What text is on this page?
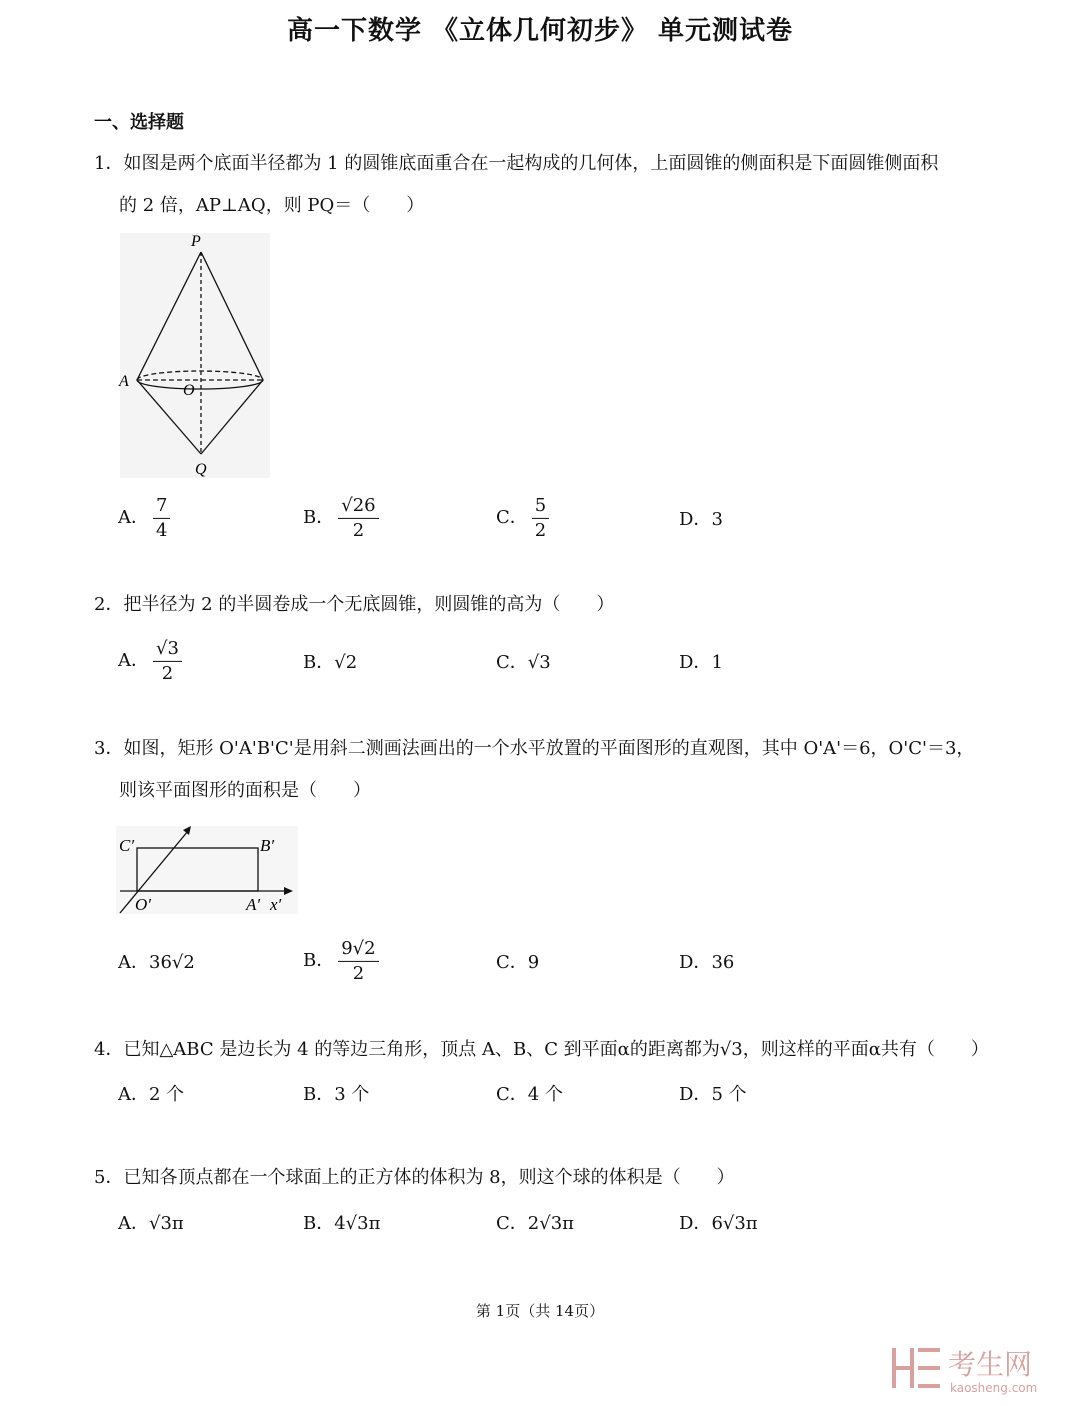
高一下数学 《立体几何初步》 单元测试卷
一、选择题
1．如图是两个底面半径都为 1 的圆锥底面重合在一起构成的几何体，上面圆锥的侧面积是下面圆锥侧面积
的 2 倍，AP⊥AQ，则 PQ＝（　　）
P
A
O
Q
A． $\frac{7}{4}$	B． $\frac{√26}{2}$	C． $\frac{5}{2}$	D．3
2．把半径为 2 的半圆卷成一个无底圆锥，则圆锥的高为（　　）
A． $\frac{√3}{2}$	B．√2	C．√3	D．1
3．如图，矩形 O'A'B'C'是用斜二测画法画出的一个水平放置的平面图形的直观图，其中 O'A'＝6，O'C'＝3，
则该平面图形的面积是（　　）
C′	B′
O′	A′ x′
A．36√2	B． $\frac{9√2}{2}$	C．9	D．36
4．已知△ABC 是边长为 4 的等边三角形，顶点 A、B、C 到平面α的距离都为√3，则这样的平面α共有（　　）
A．2 个	B．3 个	C．4 个	D．5 个
5．已知各顶点都在一个球面上的正方体的体积为 8，则这个球的体积是（　　）
A．√3π	B．4√3π	C．2√3π	D．6√3π
第 1页（共 14页）
考生网
kaosheng.com
